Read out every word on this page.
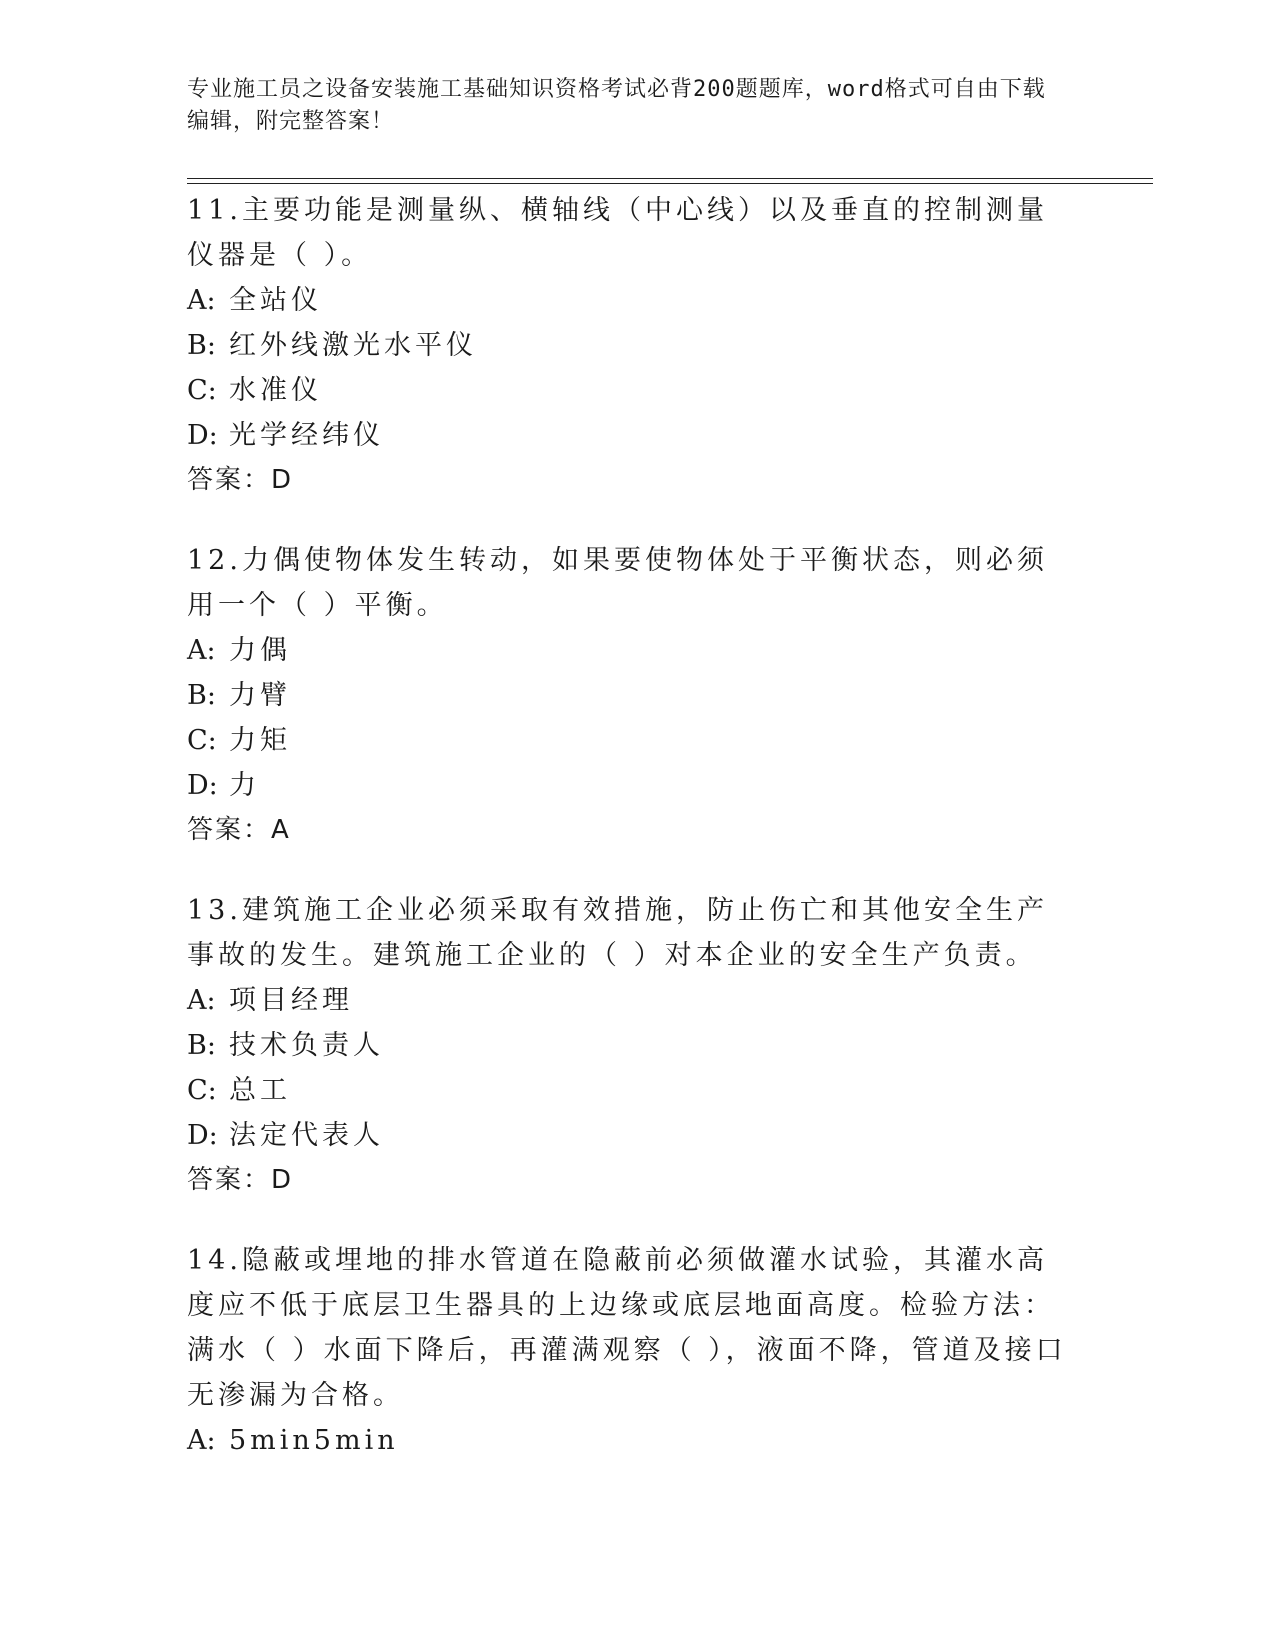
专业施工员之设备安装施工基础知识资格考试必背200题题库，word格式可自由下载编辑，附完整答案！

11.主要功能是测量纵、横轴线（中心线）以及垂直的控制测量仪器是（ ）。

A: 全站仪
B: 红外线激光水平仪
C: 水准仪
D: 光学经纬仪

答案：D

12.力偶使物体发生转动，如果要使物体处于平衡状态，则必须用一个（ ）平衡。

A: 力偶
B: 力臂
C: 力矩
D: 力

答案：A

13.建筑施工企业必须采取有效措施，防止伤亡和其他安全生产事故的发生。建筑施工企业的（ ）对本企业的安全生产负责。

A: 项目经理
B: 技术负责人
C: 总工
D: 法定代表人

答案：D

14.隐蔽或埋地的排水管道在隐蔽前必须做灌水试验，其灌水高度应不低于底层卫生器具的上边缘或底层地面高度。检验方法：满水（ ）水面下降后，再灌满观察（ ），液面不降，管道及接口无渗漏为合格。

A: 5min5min
